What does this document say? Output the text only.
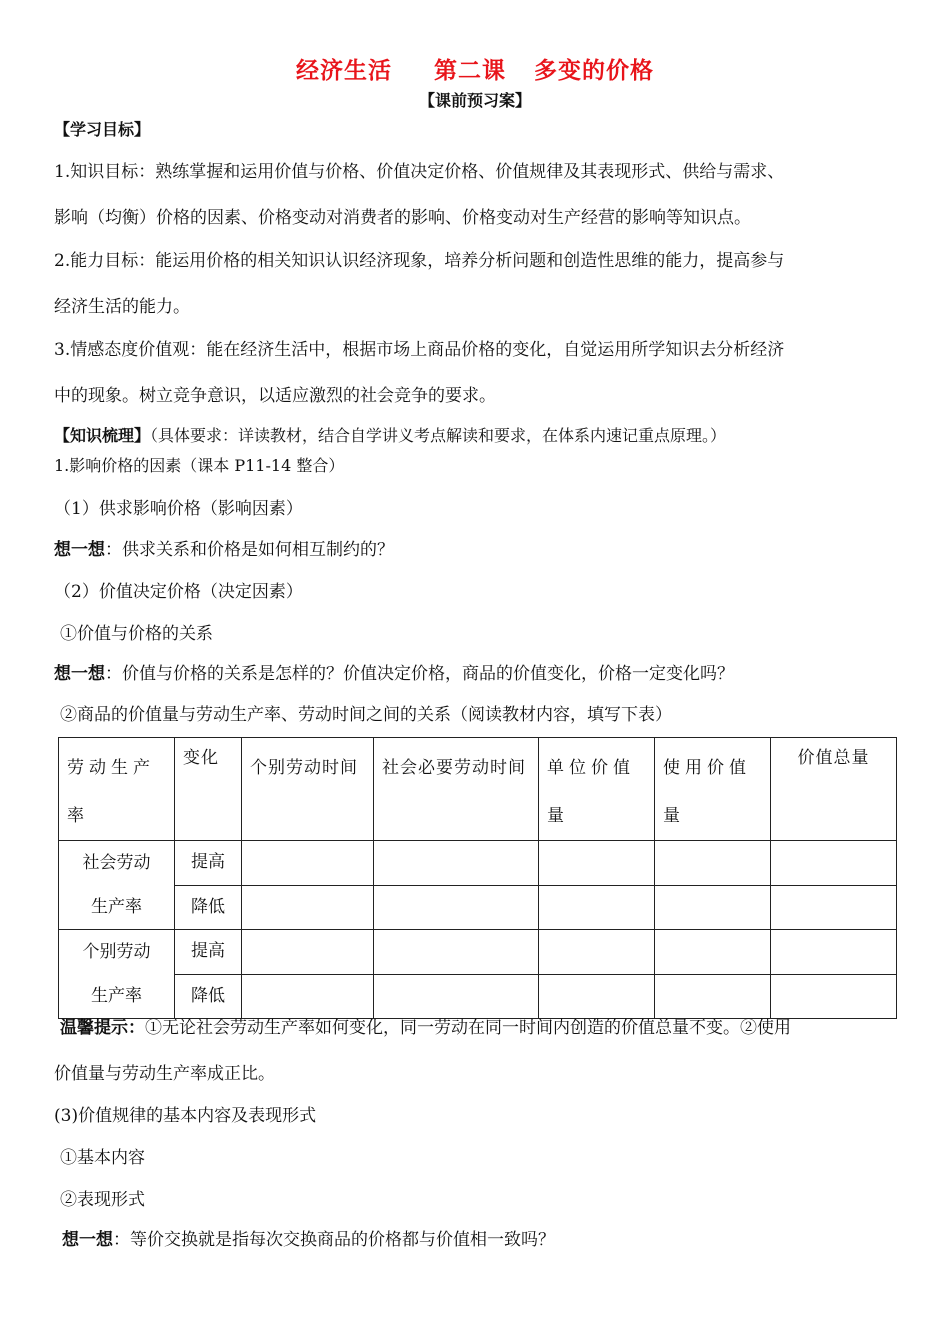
经济生活 第二课 多变的价格
【课前预习案】
【学习目标】
1.知识目标：熟练掌握和运用价值与价格、价值决定价格、价值规律及其表现形式、供给与需求、
影响（均衡）价格的因素、价格变动对消费者的影响、价格变动对生产经营的影响等知识点。
2.能力目标：能运用价格的相关知识认识经济现象，培养分析问题和创造性思维的能力，提高参与
经济生活的能力。
3.情感态度价值观：能在经济生活中，根据市场上商品价格的变化，自觉运用所学知识去分析经济
中的现象。树立竞争意识，以适应激烈的社会竞争的要求。
【知识梳理】（具体要求：详读教材，结合自学讲义考点解读和要求，在体系内速记重点原理。）
1.影响价格的因素（课本 P11-14 整合）
（1）供求影响价格（影响因素）
想一想：供求关系和价格是如何相互制约的？
（2）价值决定价格（决定因素）
①价值与价格的关系
想一想：价值与价格的关系是怎样的？价值决定价格，商品的价值变化，价格一定变化吗？
②商品的价值量与劳动生产率、劳动时间之间的关系（阅读教材内容，填写下表）
劳动生产率	变化	个别劳动时间	社会必要劳动时间	单位价值量	使用价值量	价值总量

社会劳动
生产率	提高					

	降低					

个别劳动
生产率	提高					

	降低					

温馨提示：①无论社会劳动生产率如何变化，同一劳动在同一时间内创造的价值总量不变。②使用
价值量与劳动生产率成正比。
(3)价值规律的基本内容及表现形式
①基本内容
②表现形式
想一想：等价交换就是指每次交换商品的价格都与价值相一致吗？
